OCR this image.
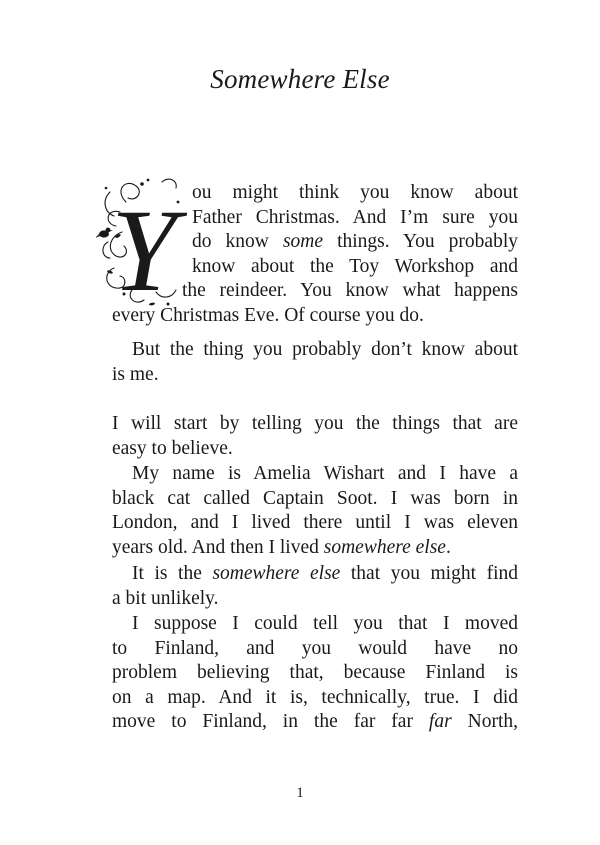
Somewhere Else
Y ou might think you know about
Father Christmas. And I’m sure you
do know some things. You probably
know about the Toy Workshop and
the reindeer. You know what happens
every Christmas Eve. Of course you do.
But the thing you probably don’t know about
is me.
I will start by telling you the things that are
easy to believe.
My name is Amelia Wishart and I have a
black cat called Captain Soot. I was born in
London, and I lived there until I was eleven
years old. And then I lived somewhere else.
It is the somewhere else that you might find
a bit unlikely.
I suppose I could tell you that I moved
to Finland, and you would have no
problem believing that, because Finland is
on a map. And it is, technically, true. I did
move to Finland, in the far far far North,
1
